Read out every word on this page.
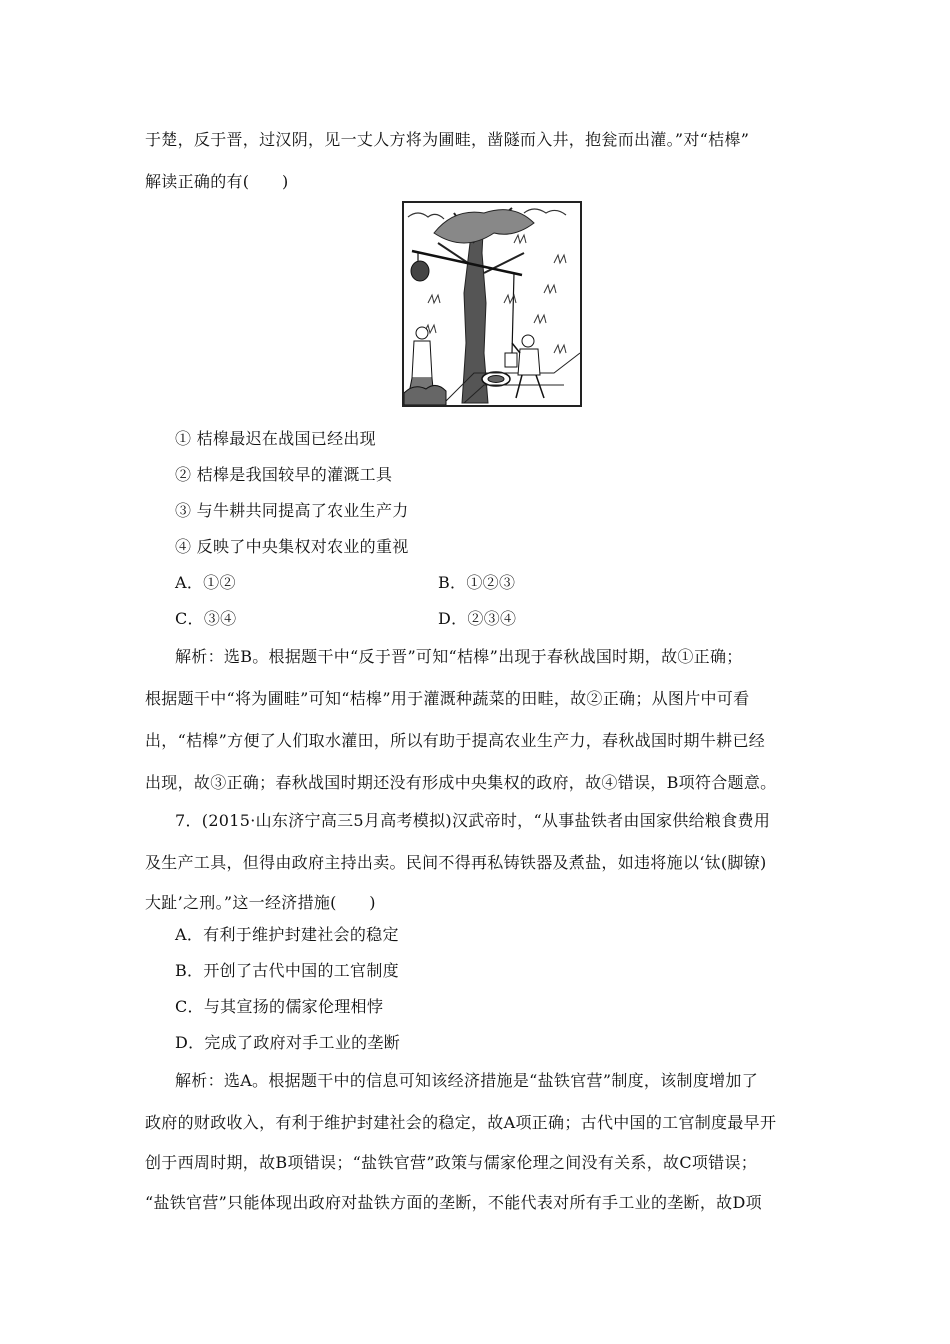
于楚，反于晋，过汉阴，见一丈人方将为圃畦，凿隧而入井，抱瓮而出灌。”对“桔槔”
解读正确的有(　　)
① 桔槔最迟在战国已经出现
② 桔槔是我国较早的灌溉工具
③ 与牛耕共同提高了农业生产力
④ 反映了中央集权对农业的重视
A．①②	B．①②③
C．③④	D．②③④
解析：选B。根据题干中“反于晋”可知“桔槔”出现于春秋战国时期，故①正确；
根据题干中“将为圃畦”可知“桔槔”用于灌溉种蔬菜的田畦，故②正确；从图片中可看
出，“桔槔”方便了人们取水灌田，所以有助于提高农业生产力，春秋战国时期牛耕已经
出现，故③正确；春秋战国时期还没有形成中央集权的政府，故④错误，B项符合题意。
7．(2015·山东济宁高三5月高考模拟)汉武帝时，“从事盐铁者由国家供给粮食费用
及生产工具，但得由政府主持出卖。民间不得再私铸铁器及煮盐，如违将施以‘钛(脚镣)
大趾’之刑。”这一经济措施(　　)
A．有利于维护封建社会的稳定
B．开创了古代中国的工官制度
C．与其宣扬的儒家伦理相悖
D．完成了政府对手工业的垄断
解析：选A。根据题干中的信息可知该经济措施是“盐铁官营”制度，该制度增加了
政府的财政收入，有利于维护封建社会的稳定，故A项正确；古代中国的工官制度最早开
创于西周时期，故B项错误；“盐铁官营”政策与儒家伦理之间没有关系，故C项错误；
“盐铁官营”只能体现出政府对盐铁方面的垄断，不能代表对所有手工业的垄断，故D项
